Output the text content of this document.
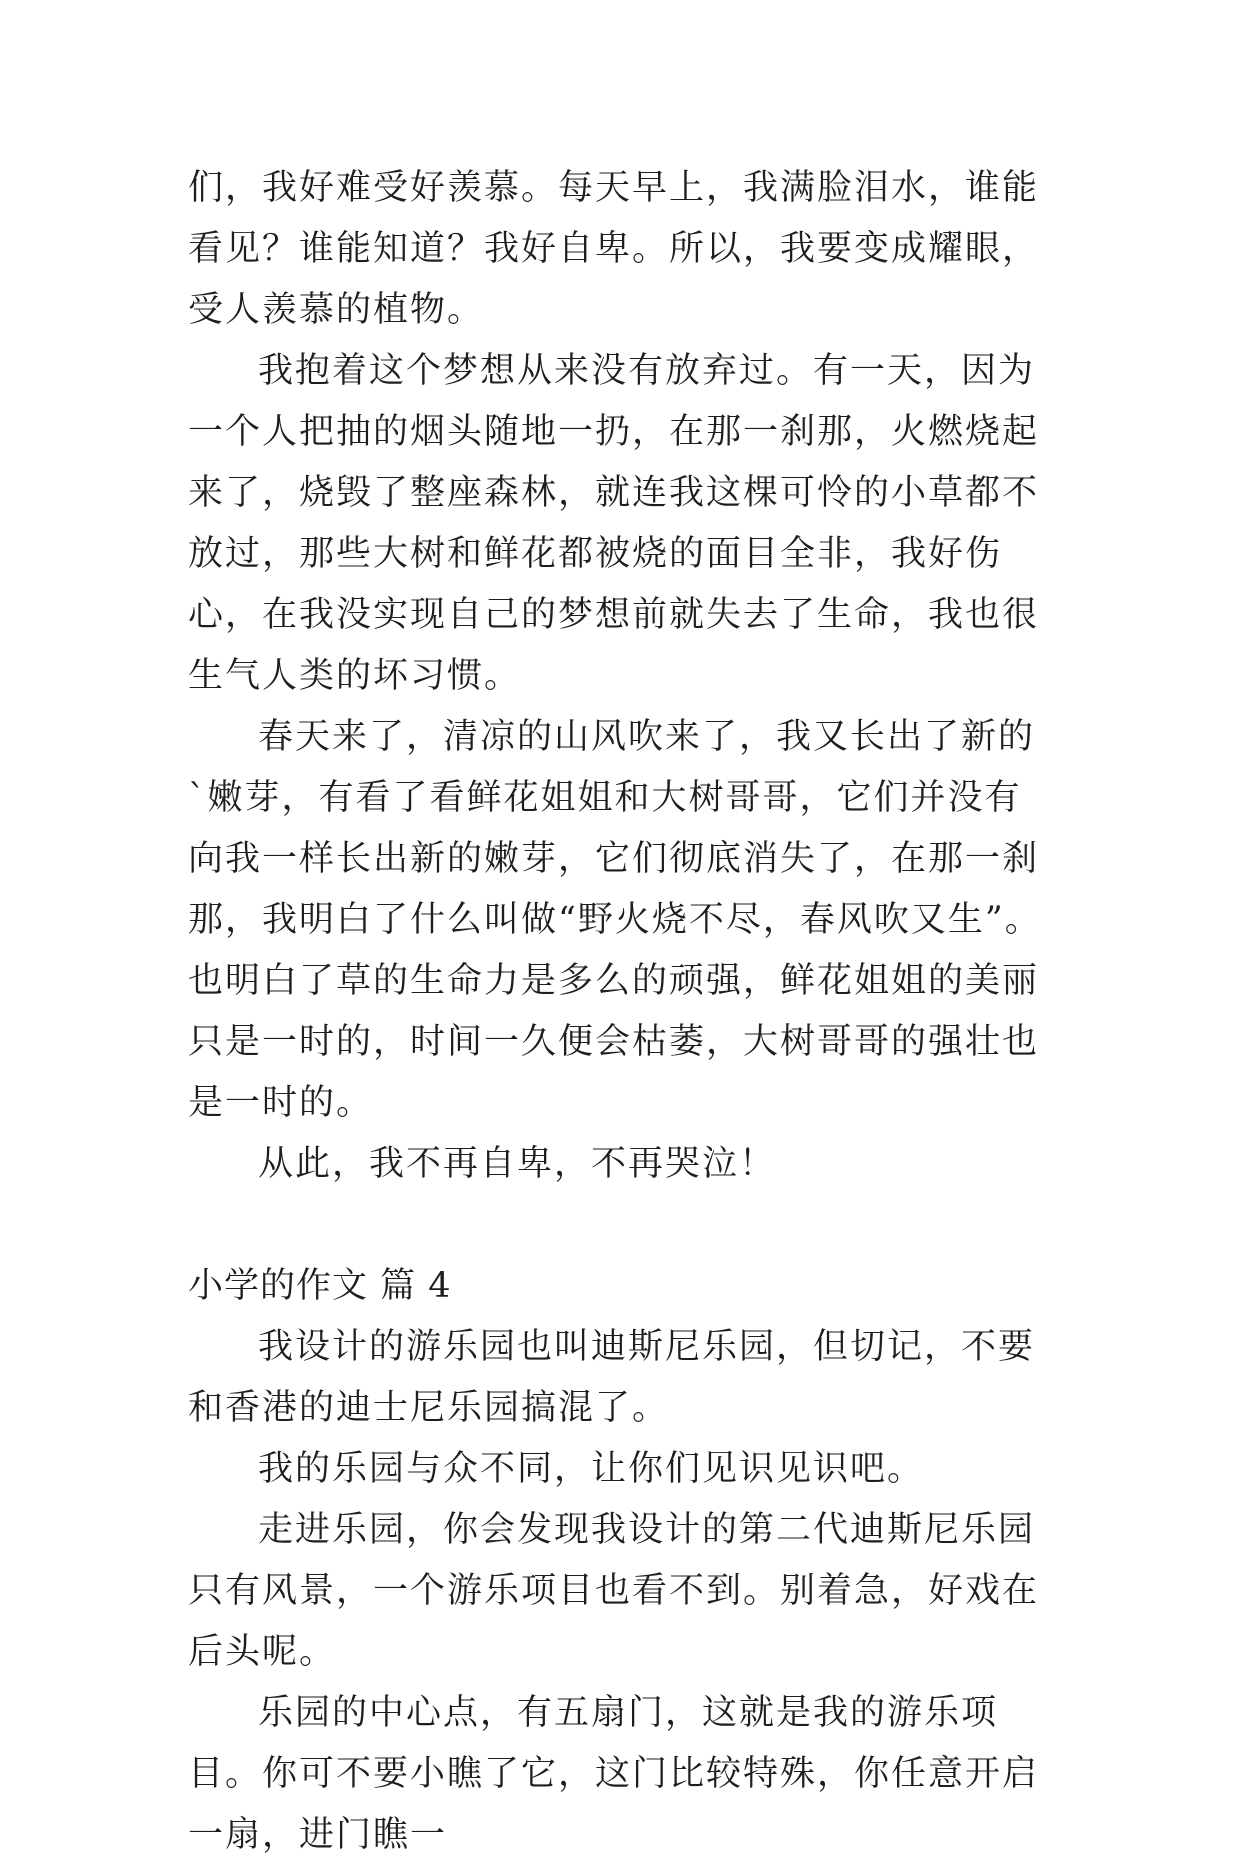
们，我好难受好羡慕。每天早上，我满脸泪水，谁能看见？谁能知道？我好自卑。所以，我要变成耀眼，受人羡慕的植物。

我抱着这个梦想从来没有放弃过。有一天，因为一个人把抽的烟头随地一扔，在那一刹那，火燃烧起来了，烧毁了整座森林，就连我这棵可怜的小草都不放过，那些大树和鲜花都被烧的面目全非，我好伤心，在我没实现自己的梦想前就失去了生命，我也很生气人类的坏习惯。

春天来了，清凉的山风吹来了，我又长出了新的`嫩芽，有看了看鲜花姐姐和大树哥哥，它们并没有向我一样长出新的嫩芽，它们彻底消失了，在那一刹那，我明白了什么叫做“野火烧不尽，春风吹又生”。也明白了草的生命力是多么的顽强，鲜花姐姐的美丽只是一时的，时间一久便会枯萎，大树哥哥的强壮也是一时的。

从此，我不再自卑，不再哭泣！

小学的作文 篇 4

我设计的游乐园也叫迪斯尼乐园，但切记，不要和香港的迪士尼乐园搞混了。

我的乐园与众不同，让你们见识见识吧。

走进乐园，你会发现我设计的第二代迪斯尼乐园只有风景，一个游乐项目也看不到。别着急，好戏在后头呢。

乐园的中心点，有五扇门，这就是我的游乐项目。你可不要小瞧了它，这门比较特殊，你任意开启一扇，进门瞧一
